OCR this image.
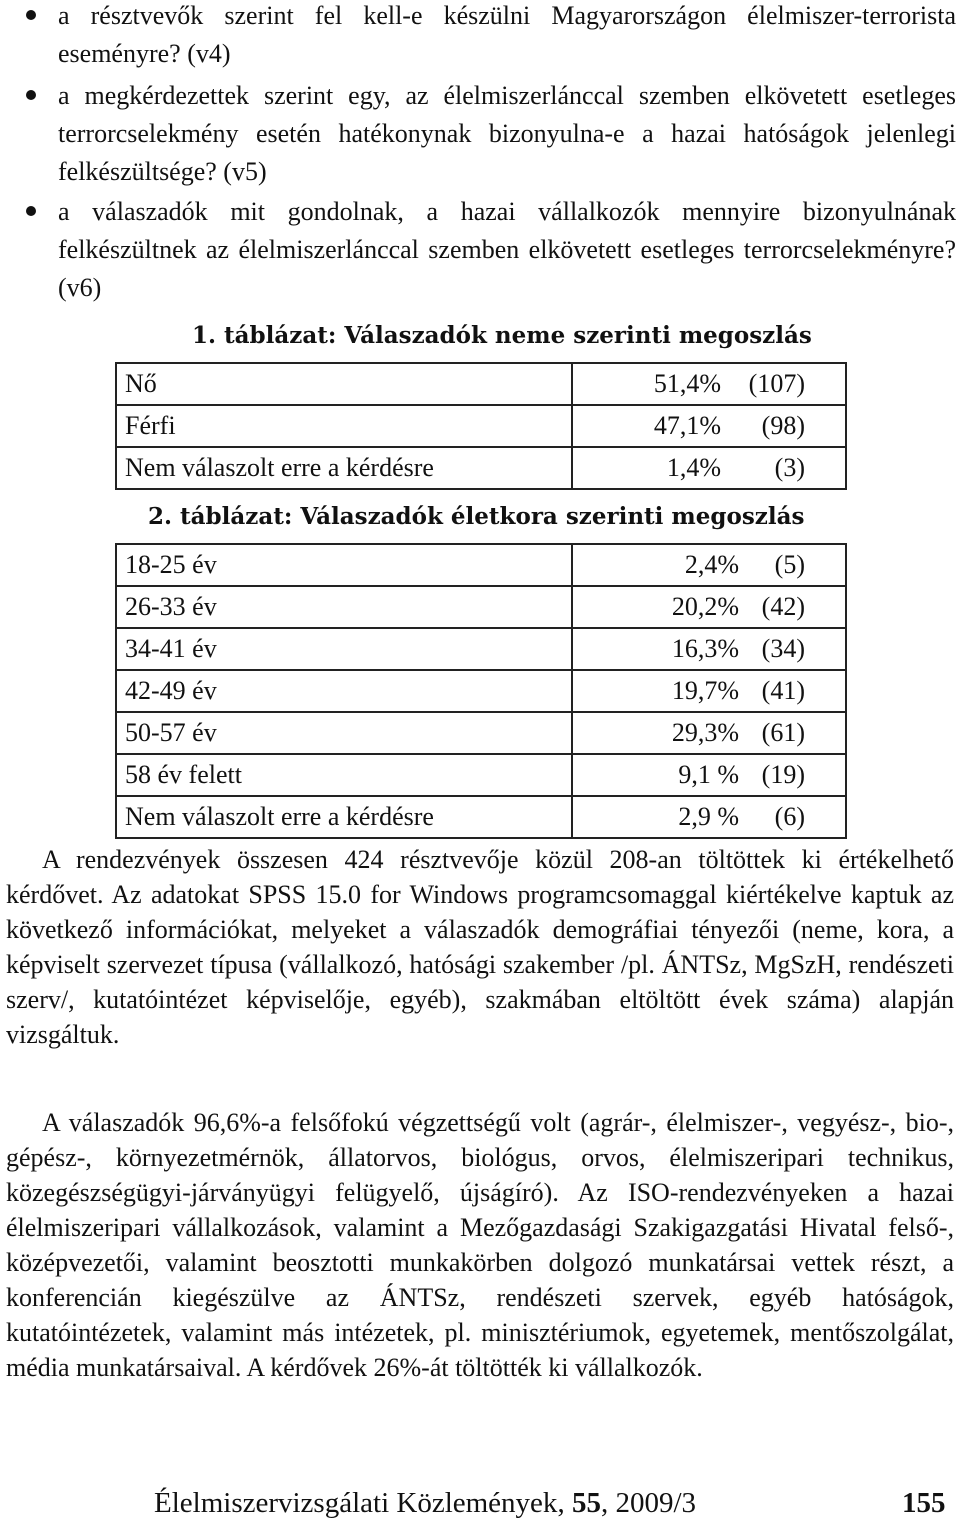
a résztvevők szerint fel kell-e készülni Magyarországon élelmiszer-terrorista eseményre? (v4)
a megkérdezettek szerint egy, az élelmiszerlánccal szemben elkövetett esetleges terrorcselekmény esetén hatékonynak bizonyulna-e a hazai hatóságok jelenlegi felkészültsége? (v5)
a válaszadók mit gondolnak, a hazai vállalkozók mennyire bizonyulnának felkészültnek az élelmiszerlánccal szemben elkövetett esetleges terrorcselekményre? (v6)
1. táblázat: Válaszadók neme szerinti megoszlás
Nő	51,4% (107)
Férfi	47,1% (98)
Nem válaszolt erre a kérdésre	1,4% (3)
2. táblázat: Válaszadók életkora szerinti megoszlás
18-25 év	2,4% (5)
26-33 év	20,2% (42)
34-41 év	16,3% (34)
42-49 év	19,7% (41)
50-57 év	29,3% (61)
58 év felett	9,1 % (19)
Nem válaszolt erre a kérdésre	2,9 % (6)

A rendezvények összesen 424 résztvevője közül 208-an töltöttek ki értékelhető kérdővet. Az adatokat SPSS 15.0 for Windows programcsomaggal kiértékelve kaptuk az következő információkat, melyeket a válaszadók demográfiai tényezői (neme, kora, a képviselt szervezet típusa (vállalkozó, hatósági szakember /pl. ÁNTSz, MgSzH, rendészeti szerv/, kutatóintézet képviselője, egyéb), szakmában eltöltött évek száma) alapján vizsgáltuk.

A válaszadók 96,6%-a felsőfokú végzettségű volt (agrár-, élelmiszer-, vegyész-, bio-, gépész-, környezetmérnök, állatorvos, biológus, orvos, élelmiszeripari technikus, közegészségügyi-járványügyi felügyelő, újságíró). Az ISO-rendezvényeken a hazai élelmiszeripari vállalkozások, valamint a Mezőgazdasági Szakigazgatási Hivatal felső-, középvezetői, valamint beosztotti munkakörben dolgozó munkatársai vettek részt, a konferencián kiegészülve az ÁNTSz, rendészeti szervek, egyéb hatóságok, kutatóintézetek, valamint más intézetek, pl. minisztériumok, egyetemek, mentőszolgálat, média munkatársaival. A kérdővek 26%-át töltötték ki vállalkozók.

Élelmiszervizsgálati Közlemények, 55, 2009/3	155
